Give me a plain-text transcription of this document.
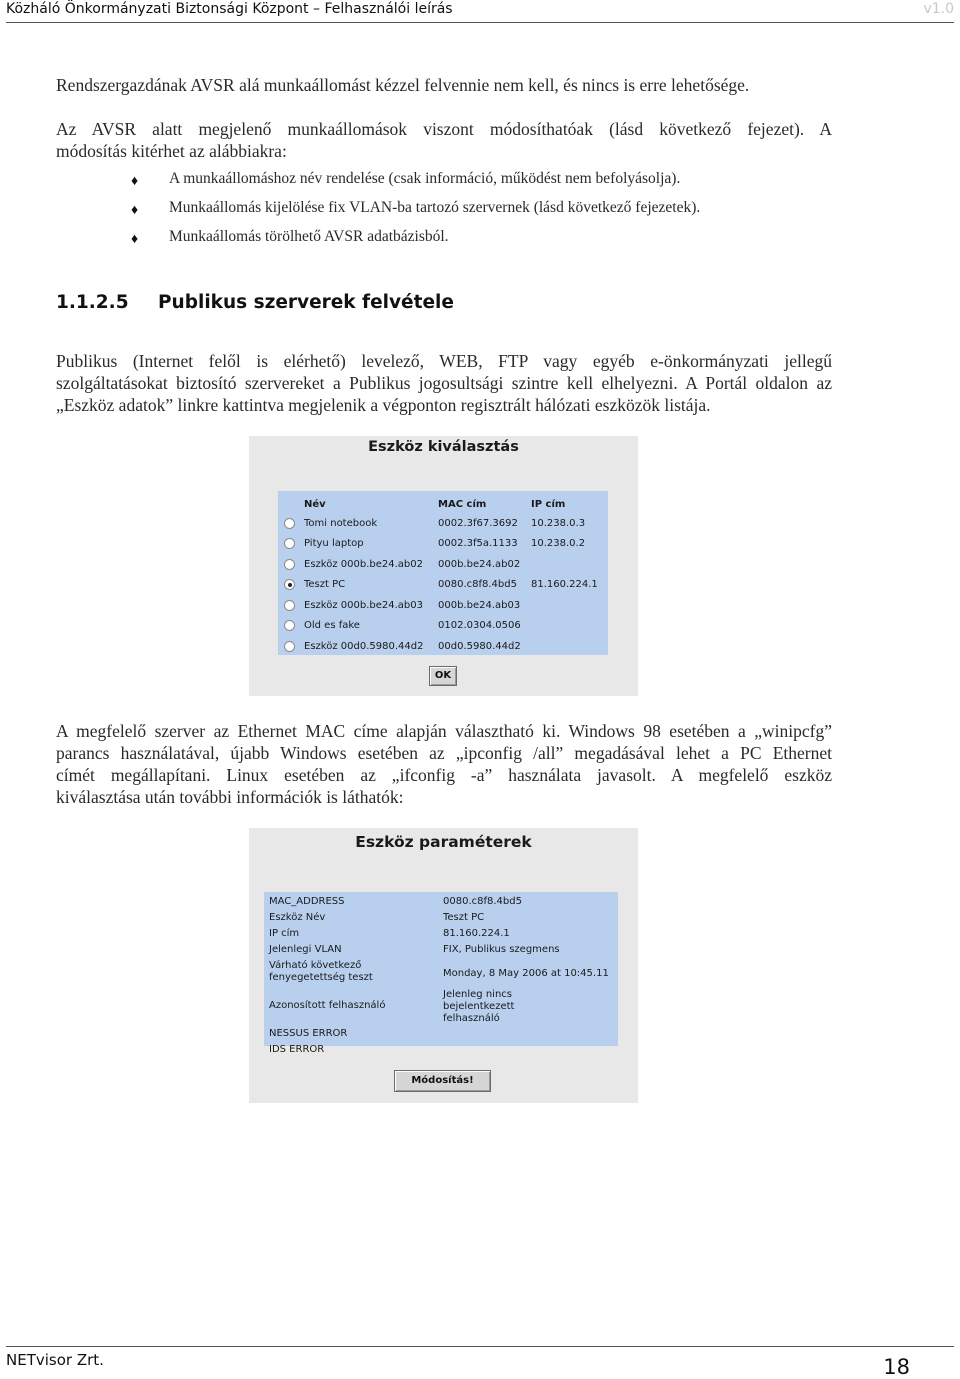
Közháló Önkormányzati Biztonsági Központ – Felhasználói leírás	v1.0
Rendszergazdának AVSR alá munkaállomást kézzel felvennie nem kell, és nincs is erre lehetősége.
Az AVSR alatt megjelenő munkaállomások viszont módosíthatóak (lásd következő fejezet). A
módosítás kitérhet az alábbiakra:
♦ A munkaállomáshoz név rendelése (csak információ, működést nem befolyásolja).
♦ Munkaállomás kijelölése fix VLAN-ba tartozó szervernek (lásd következő fejezetek).
♦ Munkaállomás törölhető AVSR adatbázisból.
1.1.2.5 Publikus szerverek felvétele
Publikus (Internet felől is elérhető) levelező, WEB, FTP vagy egyéb e-önkormányzati jellegű
szolgáltatásokat biztosító szervereket a Publikus jogosultsági szintre kell elhelyezni. A Portál oldalon az „Eszköz adatok” linkre kattintva megjelenik a végponton regisztrált hálózati eszközök listája.
Eszköz kiválasztás
	Név	MAC cím	IP cím
	Tomi notebook	0002.3f67.3692	10.238.0.3
	Pityu laptop	0002.3f5a.1133	10.238.0.2
	Eszköz 000b.be24.ab02	000b.be24.ab02	
	Teszt PC	0080.c8f8.4bd5	81.160.224.1
	Eszköz 000b.be24.ab03	000b.be24.ab03	
	Old es fake	0102.0304.0506	
	Eszköz 00d0.5980.44d2	00d0.5980.44d2	
OK
A megfelelő szerver az Ethernet MAC címe alapján választható ki. Windows 98 esetében a „winipcfg”
parancs használatával, újabb Windows esetében az „ipconfig /all” megadásával lehet a PC Ethernet
címét megállapítani. Linux esetében az „ifconfig -a” használata javasolt. A megfelelő eszköz
kiválasztása után további információk is láthatók:
Eszköz paraméterek
MAC_ADDRESS	0080.c8f8.4bd5
Eszköz Név	Teszt PC
IP cím	81.160.224.1
Jelenlegi VLAN	FIX, Publikus szegmens
Várható következő fenyegetettség teszt	Monday, 8 May 2006 at 10:45.11
Azonosított felhasználó	Jelenleg nincs bejelentkezett felhasználó
NESSUS ERROR	
IDS ERROR	
Módosítás!
NETvisor Zrt.	18
